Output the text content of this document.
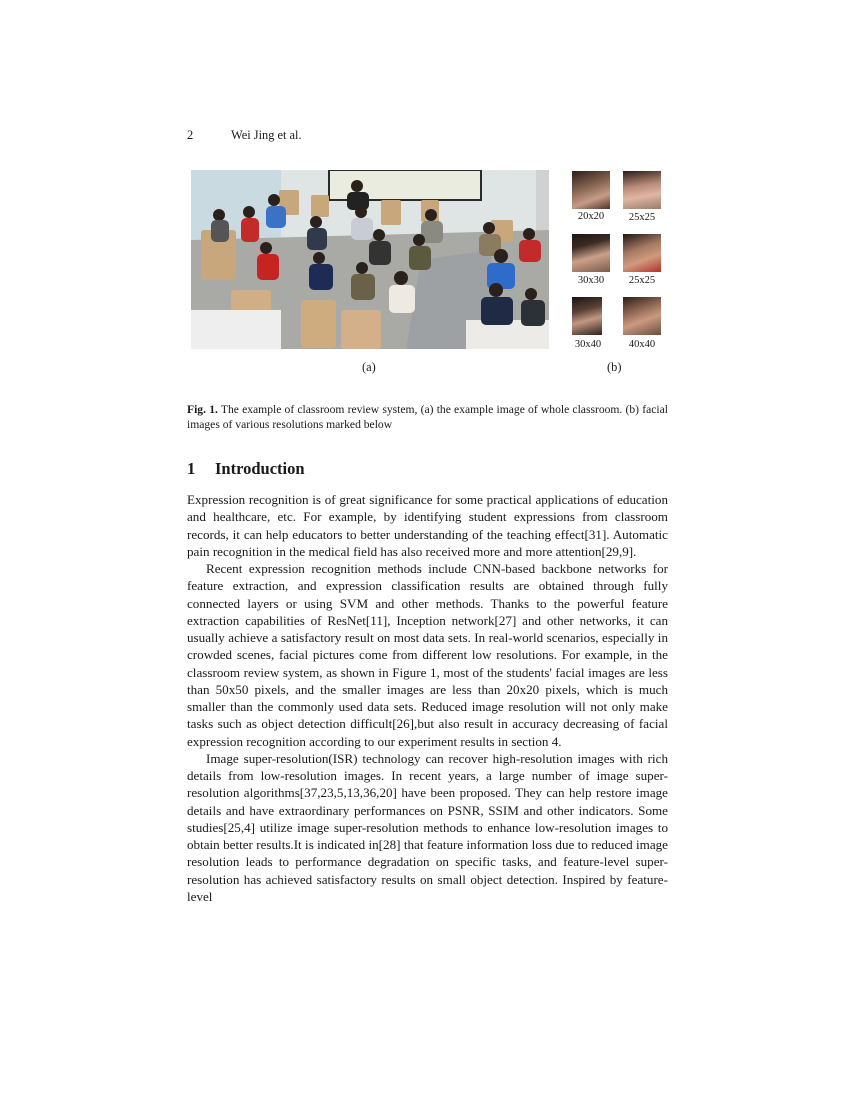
2	Wei Jing et al.
20x20	25x25
30x30	25x25
30x40	40x40
(a)	(b)
Fig. 1. The example of classroom review system, (a) the example image of whole classroom. (b) facial images of various resolutions marked below
1 Introduction

Expression recognition is of great significance for some practical applications of education and healthcare, etc. For example, by identifying student expressions from classroom records, it can help educators to better understanding of the teaching effect[31]. Automatic pain recognition in the medical field has also received more and more attention[29,9].

Recent expression recognition methods include CNN-based backbone networks for feature extraction, and expression classification results are obtained through fully connected layers or using SVM and other methods. Thanks to the powerful feature extraction capabilities of ResNet[11], Inception network[27] and other networks, it can usually achieve a satisfactory result on most data sets. In real-world scenarios, especially in crowded scenes, facial pictures come from different low resolutions. For example, in the classroom review system, as shown in Figure 1, most of the students' facial images are less than 50x50 pixels, and the smaller images are less than 20x20 pixels, which is much smaller than the commonly used data sets. Reduced image resolution will not only make tasks such as object detection difficult[26],but also result in accuracy decreasing of facial expression recognition according to our experiment results in section 4.

Image super-resolution(ISR) technology can recover high-resolution images with rich details from low-resolution images. In recent years, a large number of image super-resolution algorithms[37,23,5,13,36,20] have been proposed. They can help restore image details and have extraordinary performances on PSNR, SSIM and other indicators. Some studies[25,4] utilize image super-resolution methods to enhance low-resolution images to obtain better results.It is indicated in[28] that feature information loss due to reduced image resolution leads to performance degradation on specific tasks, and feature-level super-resolution has achieved satisfactory results on small object detection. Inspired by feature-level
